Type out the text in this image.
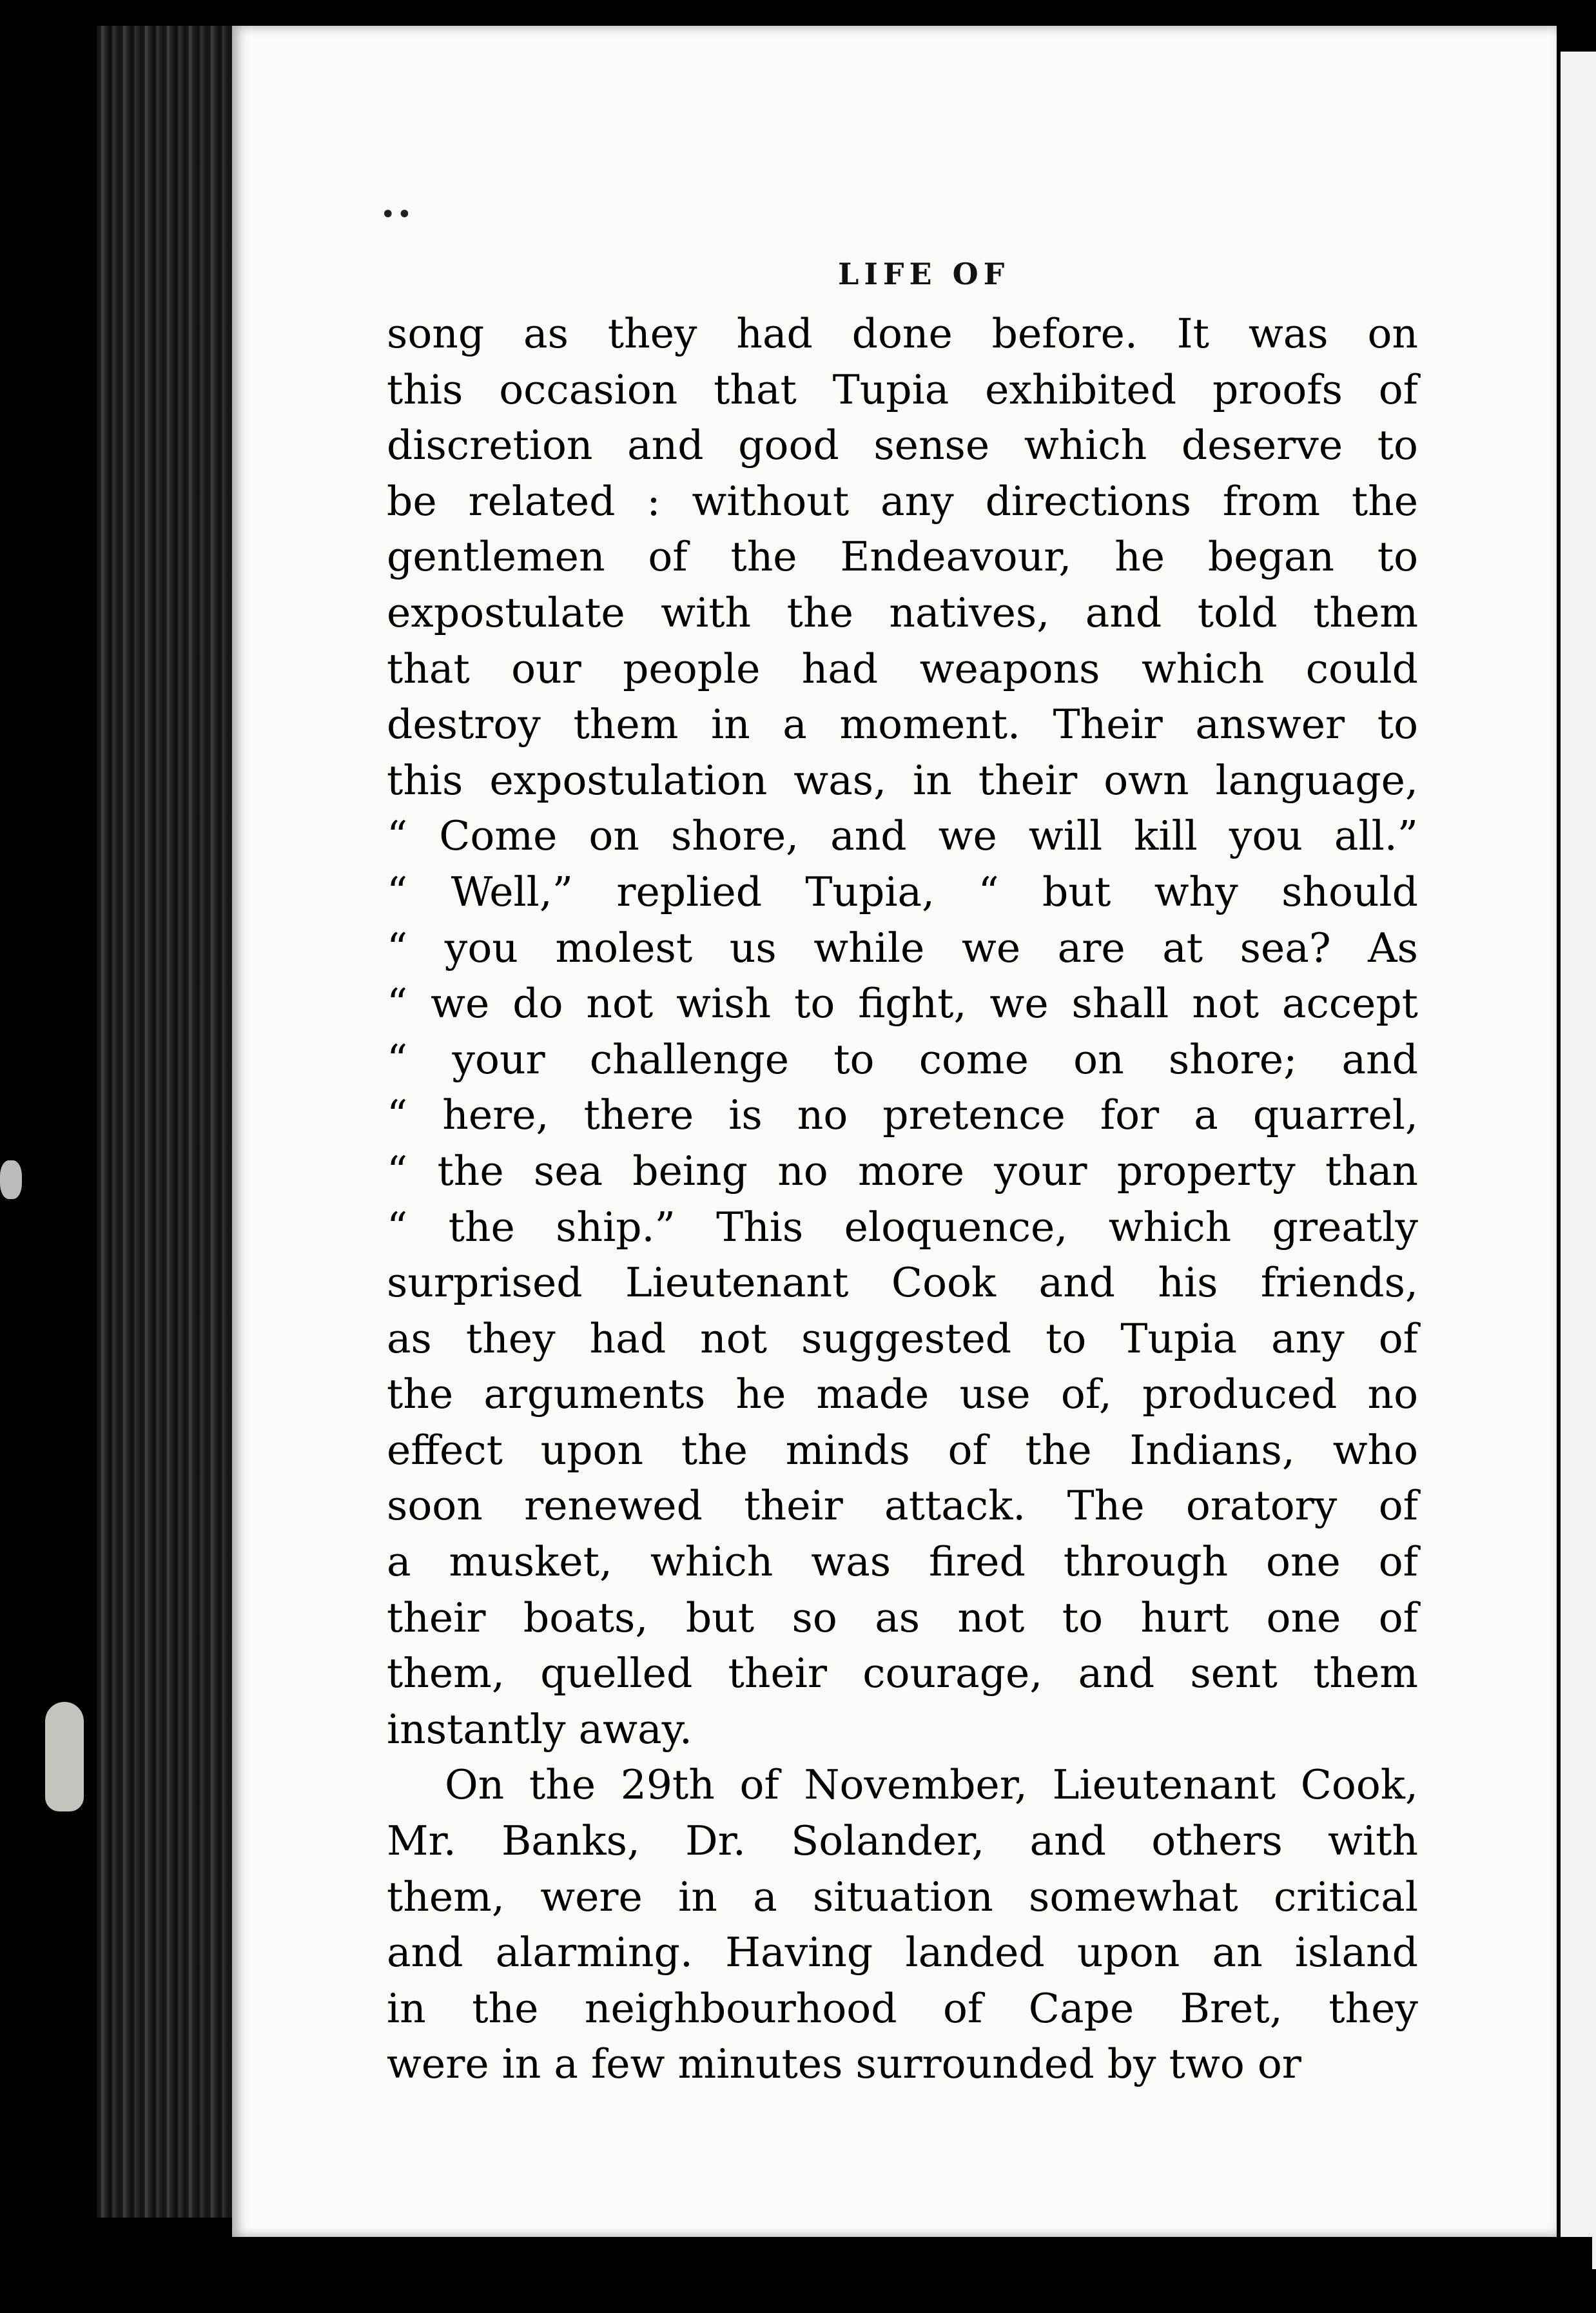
••
LIFE OF
song as they had done before. It was on
this occasion that Tupia exhibited proofs of
discretion and good sense which deserve to
be related : without any directions from the
gentlemen of the Endeavour, he began to
expostulate with the natives, and told them
that our people had weapons which could
destroy them in a moment. Their answer to
this expostulation was, in their own language,
“ Come on shore, and we will kill you all.”
“ Well,” replied Tupia, “ but why should
“ you molest us while we are at sea? As
“ we do not wish to fight, we shall not accept
“ your challenge to come on shore; and
“ here, there is no pretence for a quarrel,
“ the sea being no more your property than
“ the ship.” This eloquence, which greatly
surprised Lieutenant Cook and his friends,
as they had not suggested to Tupia any of
the arguments he made use of, produced no
effect upon the minds of the Indians, who
soon renewed their attack. The oratory of
a musket, which was fired through one of
their boats, but so as not to hurt one of
them, quelled their courage, and sent them
instantly away.
On the 29th of November, Lieutenant Cook,
Mr. Banks, Dr. Solander, and others with
them, were in a situation somewhat critical
and alarming. Having landed upon an island
in the neighbourhood of Cape Bret, they
were in a few minutes surrounded by two or
